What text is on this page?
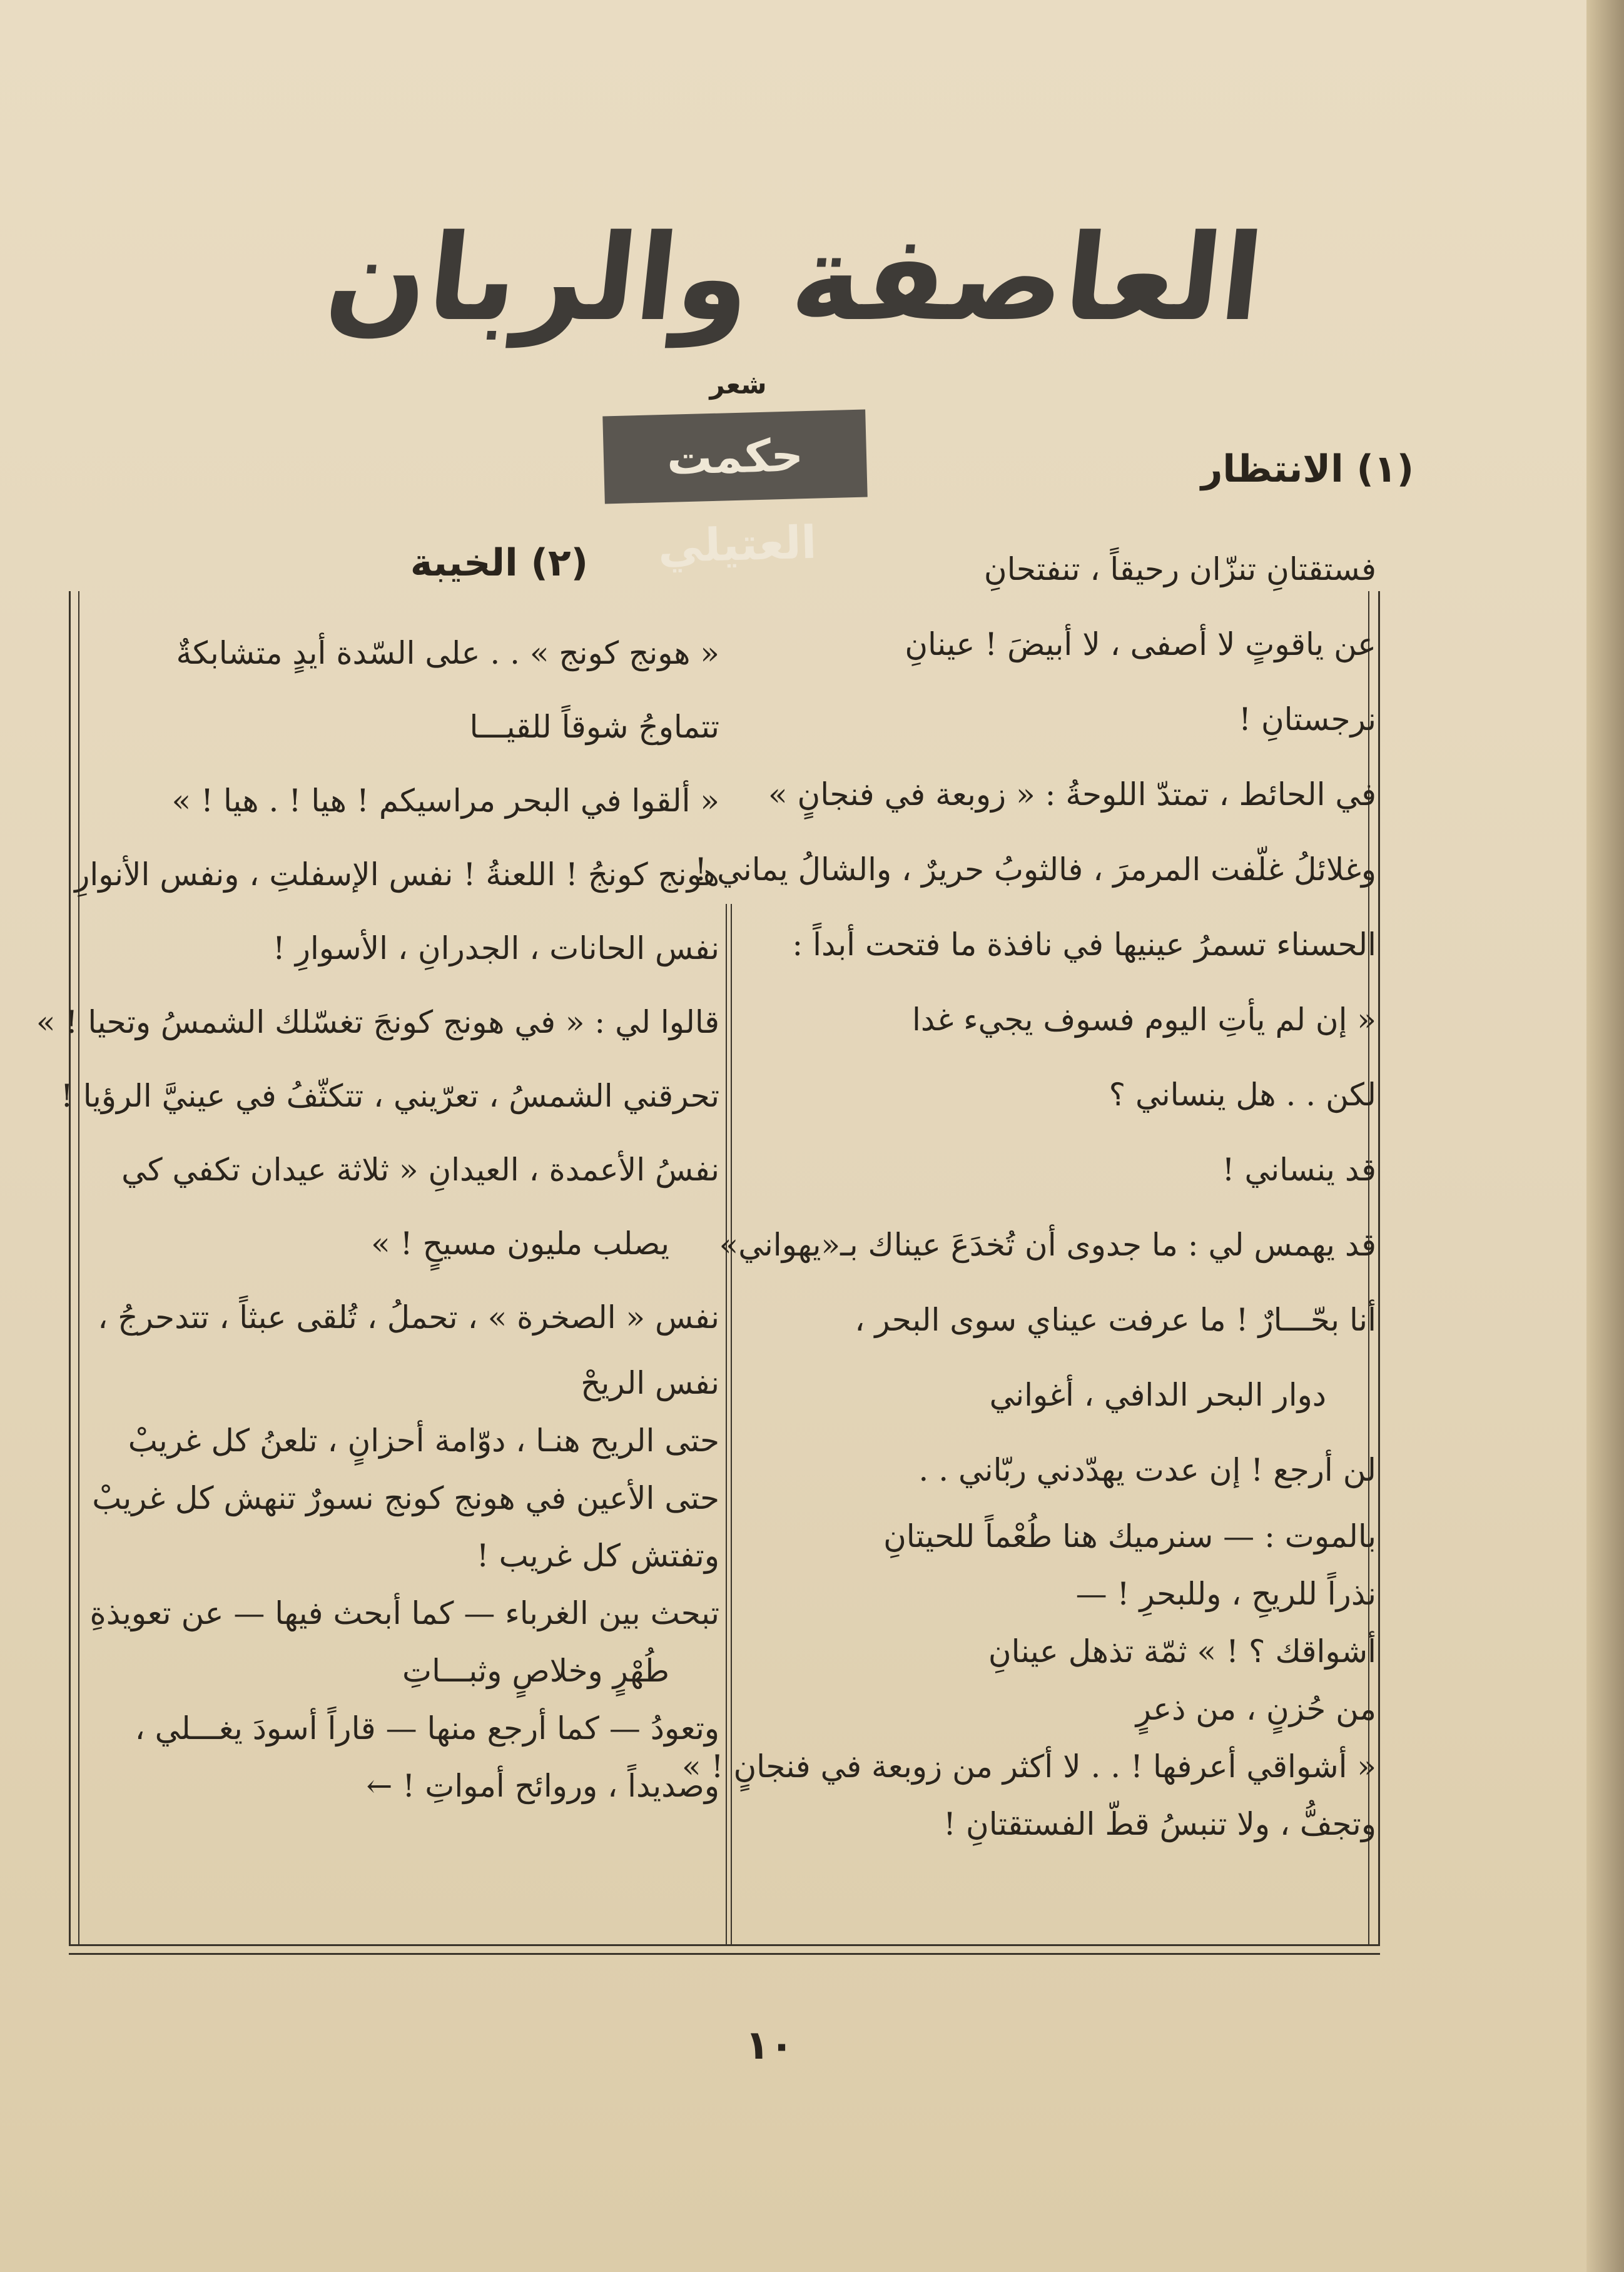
العاصفة والربان
شعر
حكمت العتيلي
(١) الانتظار
(٢) الخيبة	فستقتانِ تنزّان رحيقاً ، تنفتحانِ
عن ياقوتٍ لا أصفى ، لا أبيضَ ! عينانِ
نرجستانِ !
في الحائط ، تمتدّ اللوحةُ : « زوبعة في فنجانٍ »
وغلائلُ غلّفت المرمرَ ، فالثوبُ حريرٌ ، والشالُ يماني !
الحسناء تسمرُ عينيها في نافذة ما فتحت أبداً :
« إن لم يأتِ اليوم فسوف يجيء غدا
لكن . . هل ينساني ؟
قد ينساني !
قد يهمس لي : ما جدوى أن تُخدَعَ عيناك بـ«يهواني»
أنا بحّـــارٌ ! ما عرفت عيناي سوى البحر ،
دوار البحر الدافي ، أغواني
لن أرجع ! إن عدت يهدّدني ربّاني . .
بالموت : — سنرميك هنا طُعْماً للحيتانِ
نذراً للريحِ ، وللبحرِ ! —
أشواقك ؟ ! » ثمّة تذهل عينانِ
من حُزنٍ ، من ذعرٍ
« أشواقي أعرفها ! . . لا أكثر من زوبعة في فنجانٍ ! »
وتجفُّ ، ولا تنبسُ قطّ الفستقتانِ !
« هونج كونج » . . على السّدة أيدٍ متشابكةٌ
تتماوجُ شوقاً للقيـــا
« ألقوا في البحر مراسيكم ! هيا ! . هيا ! »
هونج كونجُ ! اللعنةُ ! نفس الإسفلتِ ، ونفس الأنوارِ
نفس الحانات ، الجدرانِ ، الأسوارِ !
قالوا لي : « في هونج كونجَ تغسّلك الشمسُ وتحيا ! »
تحرقني الشمسُ ، تعرّيني ، تتكثّفُ في عينيَّ الرؤيا !
نفسُ الأعمدة ، العيدانِ « ثلاثة عيدان تكفي كي
يصلب مليون مسيحٍ ! »
نفس « الصخرة » ، تحملُ ، تُلقى عبثاً ، تتدحرجُ ،
نفس الريحْ
حتى الريح هنـا ، دوّامة أحزانٍ ، تلعنُ كل غريبْ
حتى الأعين في هونج كونج نسورٌ تنهش كل غريبْ
وتفتش كل غريب !
تبحث بين الغرباء — كما أبحث فيها — عن تعويذةِ
طُهْرٍ وخلاصٍ وثبـــاتِ
وتعودُ — كما أرجع منها — قاراً أسودَ يغـــلي ،
وصديداً ، وروائح أمواتِ ! ←
١٠
